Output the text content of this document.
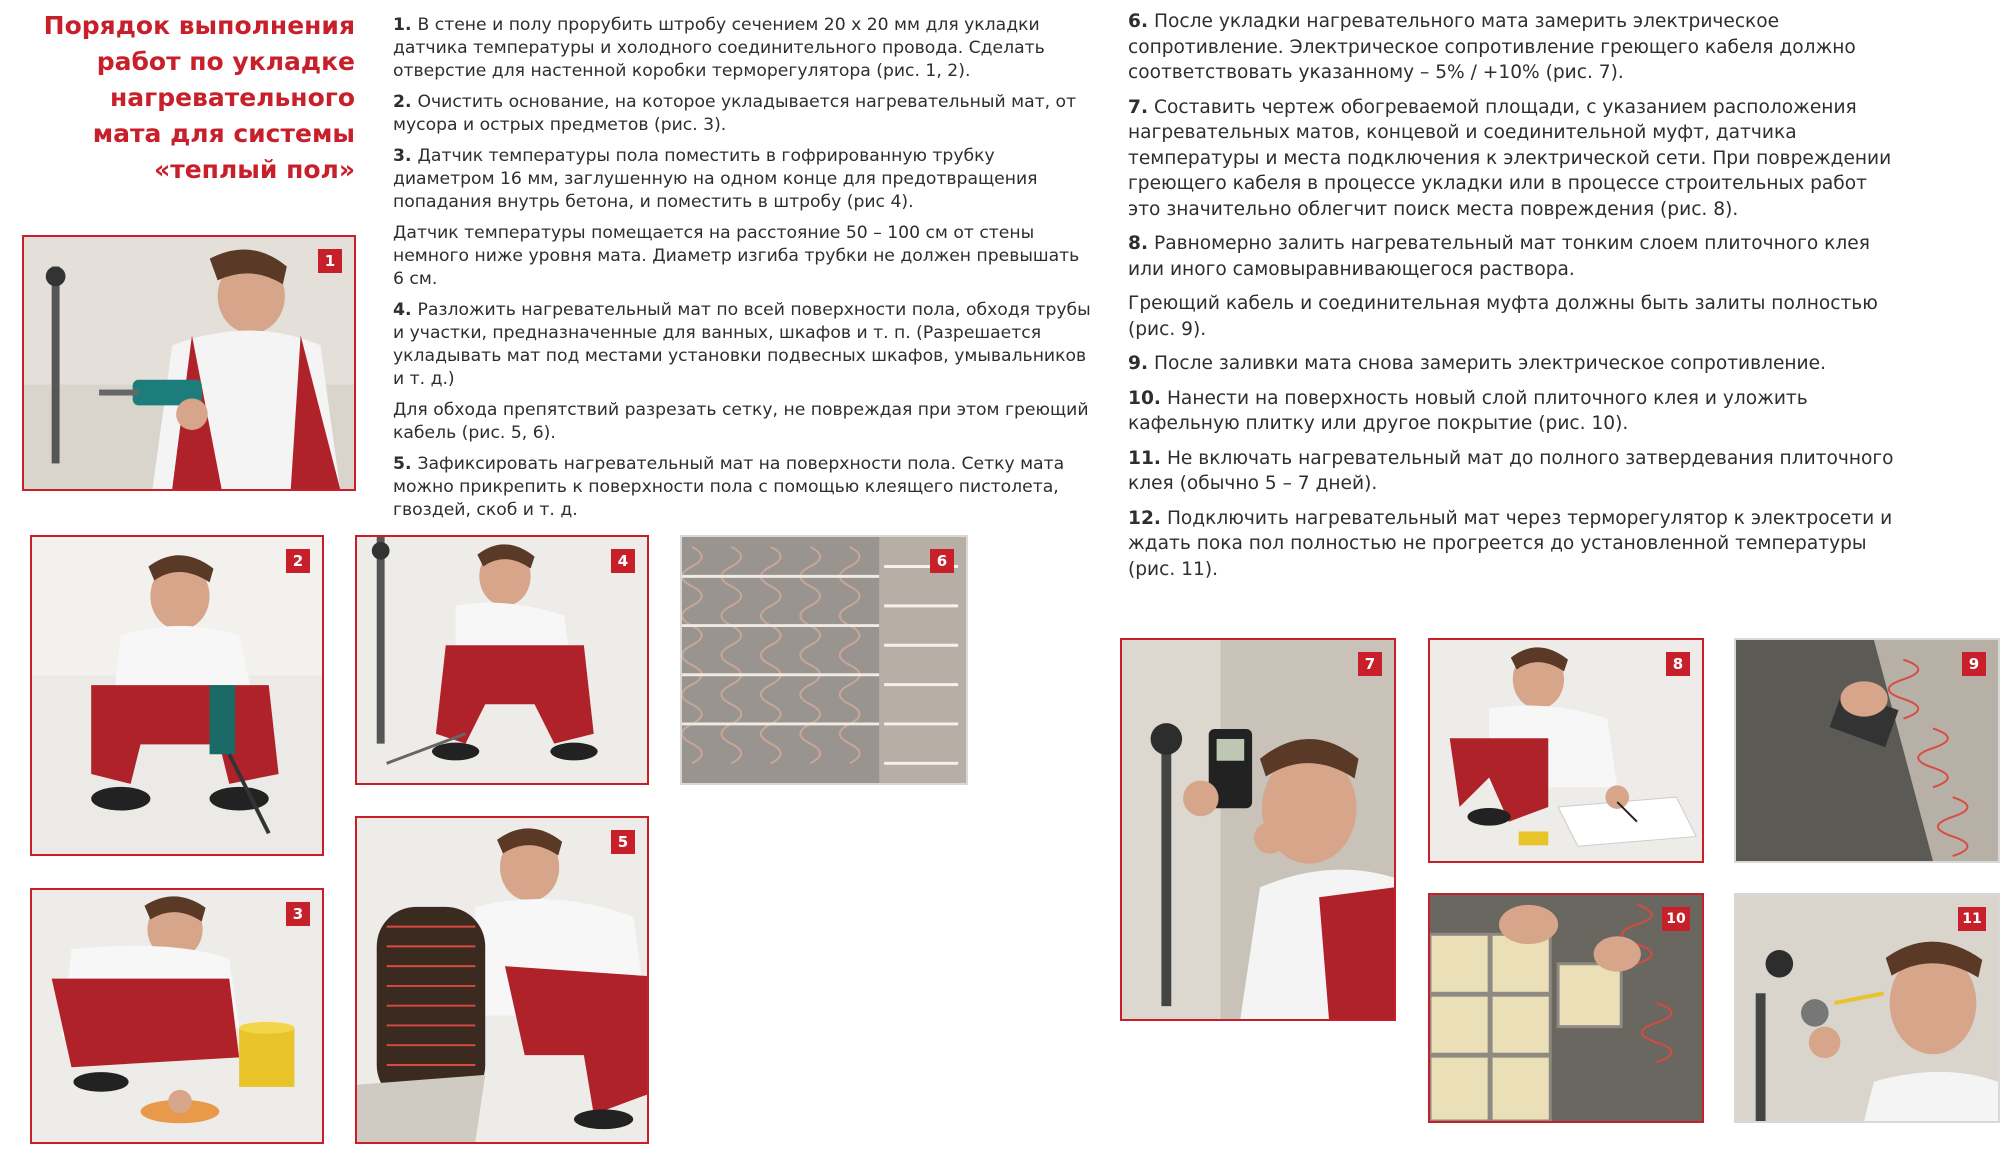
Порядок выполнения
работ по укладке
нагревательного
мата для системы
«теплый пол»

1. В стене и полу прорубить штробу сечением 20 х 20 мм для укладки датчика температуры и холодного соединительного провода. Сделать отверстие для настенной коробки терморегулятора (рис. 1, 2).

2. Очистить основание, на которое укладывается нагревательный мат, от мусора и острых предметов (рис. 3).

3. Датчик температуры пола поместить в гофрированную трубку диаметром 16 мм, заглушенную на одном конце для предотвращения попадания внутрь бетона, и поместить в штробу (рис 4).

Датчик температуры помещается на расстояние 50 – 100 см от стены немного ниже уровня мата. Диаметр изгиба трубки не должен превышать 6 см.

4. Разложить нагревательный мат по всей поверхности пола, обходя трубы и участки, предназначенные для ванных, шкафов и т. п. (Разрешается укладывать мат под местами установки подвесных шкафов, умывальников и т. д.)

Для обхода препятствий разрезать сетку, не повреждая при этом греющий кабель (рис. 5, 6).

5. Зафиксировать нагревательный мат на поверхности пола. Сетку мата можно прикрепить к поверхности пола с помощью клеящего пистолета, гвоздей, скоб и т. д.

6. После укладки нагревательного мата замерить электрическое сопротивление. Электрическое сопротивление греющего кабеля должно соответствовать указанному – 5% / +10% (рис. 7).

7. Составить чертеж обогреваемой площади, с указанием расположения нагревательных матов, концевой и соединительной муфт, датчика температуры и места подключения к электрической сети. При повреждении греющего кабеля в процессе укладки или в процессе строительных работ это значительно облегчит поиск места повреждения (рис. 8).

8. Равномерно залить нагревательный мат тонким слоем плиточного клея или иного самовыравнивающегося раствора.

Греющий кабель и соединительная муфта должны быть залиты полностью (рис. 9).

9. После заливки мата снова замерить электрическое сопротивление.

10. Нанести на поверхность новый слой плиточного клея и уложить кафельную плитку или другое покрытие (рис. 10).

11. Не включать нагревательный мат до полного затвердевания плиточного клея (обычно 5 – 7 дней).

12. Подключить нагревательный мат через терморегулятор к электросети и ждать пока пол полностью не прогреется до установленной температуры (рис. 11).

1
2
3
4
5
6
7	8	9
10	11
